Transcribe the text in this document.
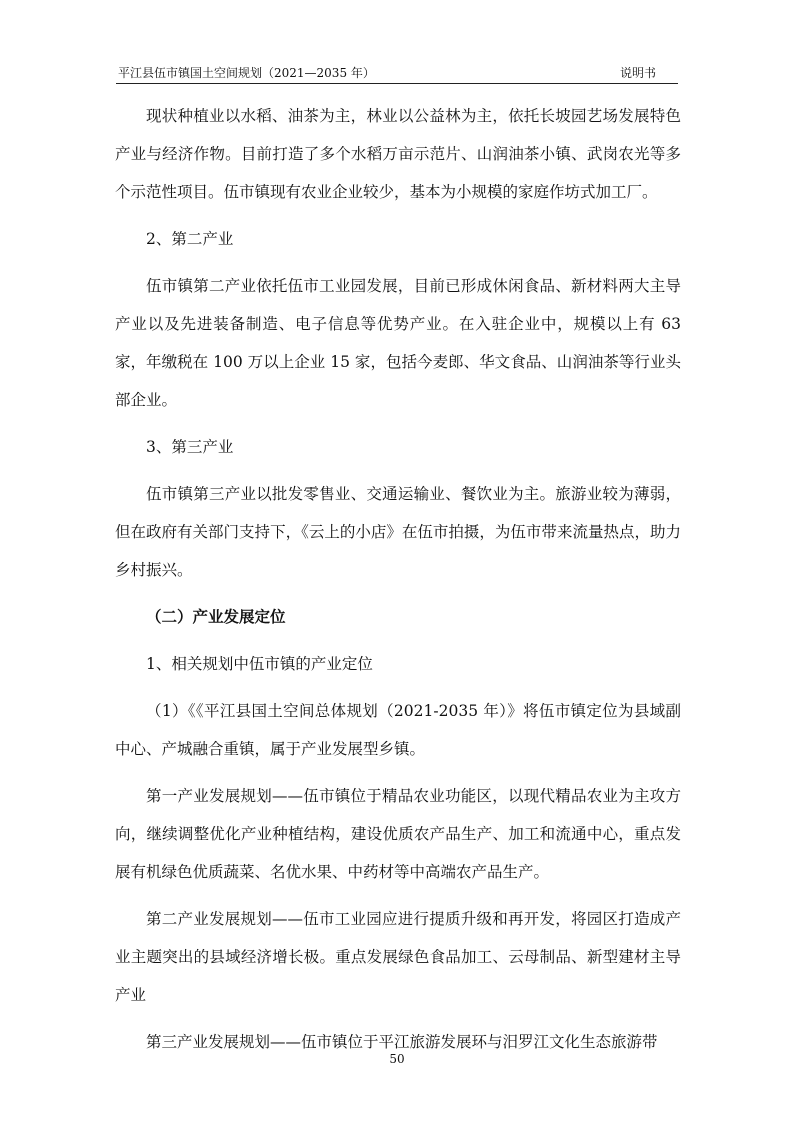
平江县伍市镇国土空间规划（2021—2035 年）	说明书

现状种植业以水稻、油茶为主，林业以公益林为主，依托长坡园艺场发展特色产业与经济作物。目前打造了多个水稻万亩示范片、山润油茶小镇、武岗农光等多个示范性项目。伍市镇现有农业企业较少，基本为小规模的家庭作坊式加工厂。

2、第二产业

伍市镇第二产业依托伍市工业园发展，目前已形成休闲食品、新材料两大主导产业以及先进装备制造、电子信息等优势产业。在入驻企业中，规模以上有 63 家，年缴税在 100 万以上企业 15 家，包括今麦郎、华文食品、山润油茶等行业头部企业。

3、第三产业

伍市镇第三产业以批发零售业、交通运输业、餐饮业为主。旅游业较为薄弱，但在政府有关部门支持下，《云上的小店》在伍市拍摄，为伍市带来流量热点，助力乡村振兴。

（二）产业发展定位

1、相关规划中伍市镇的产业定位

（1）《《平江县国土空间总体规划（2021-2035 年）》将伍市镇定位为县域副中心、产城融合重镇，属于产业发展型乡镇。

第一产业发展规划——伍市镇位于精品农业功能区，以现代精品农业为主攻方向，继续调整优化产业种植结构，建设优质农产品生产、加工和流通中心，重点发展有机绿色优质蔬菜、名优水果、中药材等中高端农产品生产。

第二产业发展规划——伍市工业园应进行提质升级和再开发，将园区打造成产业主题突出的县域经济增长极。重点发展绿色食品加工、云母制品、新型建材主导产业

第三产业发展规划——伍市镇位于平江旅游发展环与汨罗江文化生态旅游带

50
